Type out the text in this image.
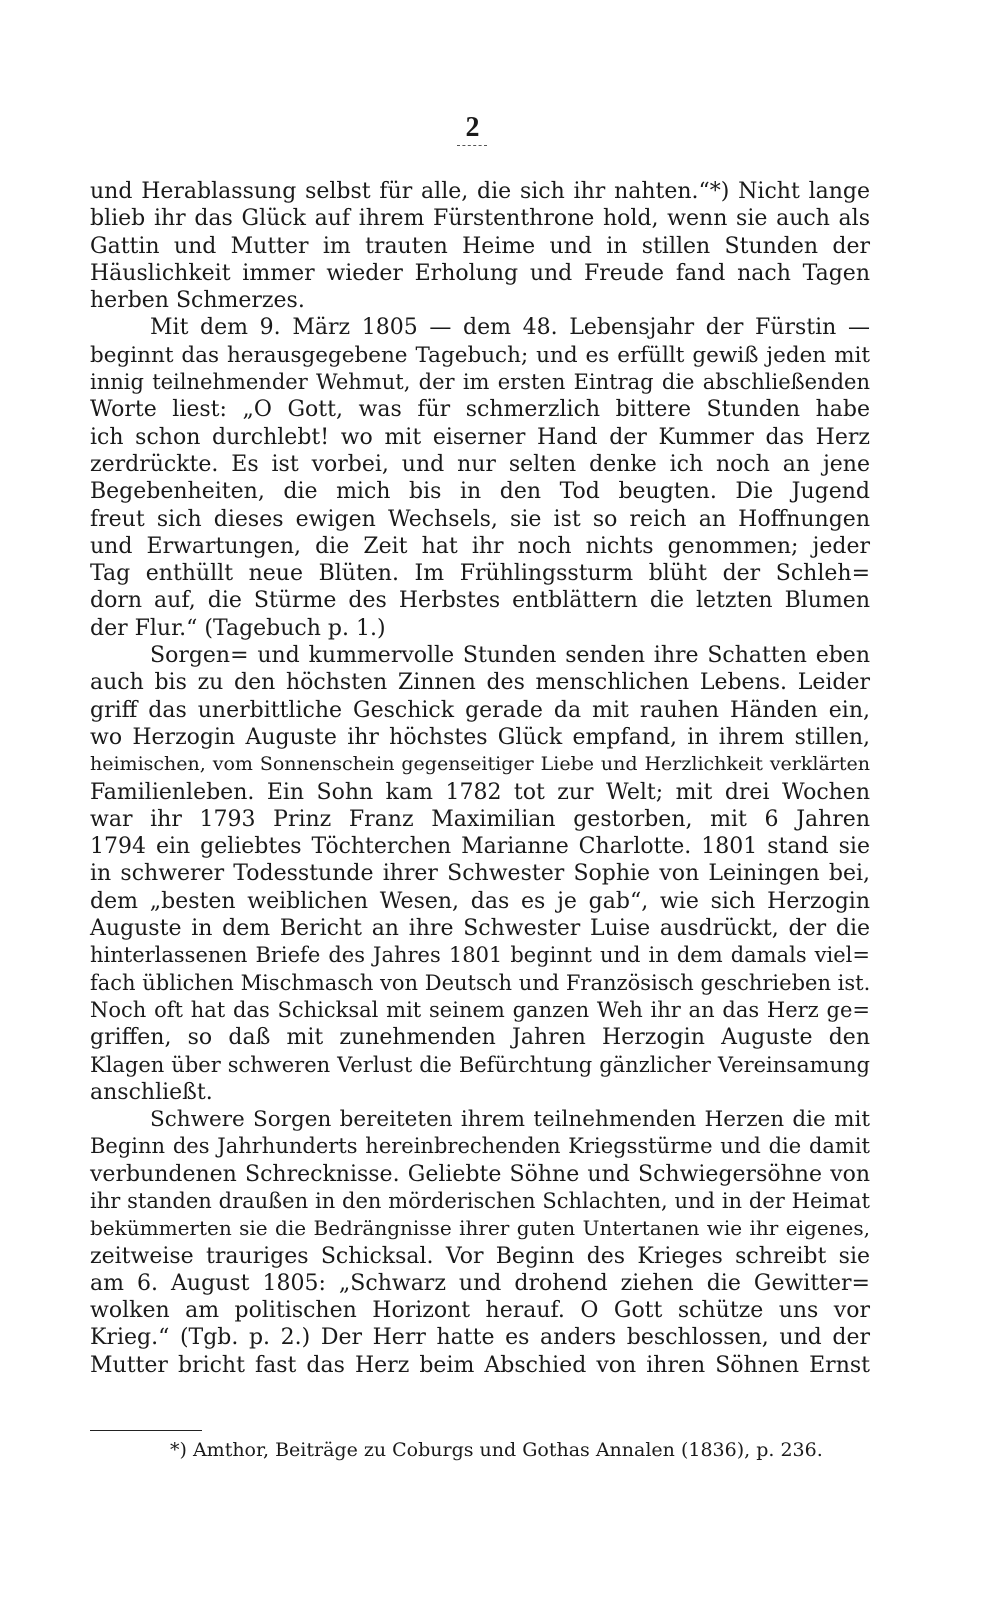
2
und Herablassung selbst für alle, die sich ihr nahten.“*) Nicht lange
blieb ihr das Glück auf ihrem Fürstenthrone hold, wenn sie auch als
Gattin und Mutter im trauten Heime und in stillen Stunden der
Häuslichkeit immer wieder Erholung und Freude fand nach Tagen
herben Schmerzes.
Mit dem 9. März 1805 — dem 48. Lebensjahr der Fürstin —
beginnt das herausgegebene Tagebuch; und es erfüllt gewiß jeden mit
innig teilnehmender Wehmut, der im ersten Eintrag die abschließenden
Worte liest: „O Gott, was für schmerzlich bittere Stunden habe
ich schon durchlebt! wo mit eiserner Hand der Kummer das Herz
zerdrückte. Es ist vorbei, und nur selten denke ich noch an jene
Begebenheiten, die mich bis in den Tod beugten. Die Jugend
freut sich dieses ewigen Wechsels, sie ist so reich an Hoffnungen
und Erwartungen, die Zeit hat ihr noch nichts genommen; jeder
Tag enthüllt neue Blüten. Im Frühlingssturm blüht der Schleh=
dorn auf, die Stürme des Herbstes entblättern die letzten Blumen
der Flur.“ (Tagebuch p. 1.)
Sorgen= und kummervolle Stunden senden ihre Schatten eben
auch bis zu den höchsten Zinnen des menschlichen Lebens. Leider
griff das unerbittliche Geschick gerade da mit rauhen Händen ein,
wo Herzogin Auguste ihr höchstes Glück empfand, in ihrem stillen,
heimischen, vom Sonnenschein gegenseitiger Liebe und Herzlichkeit verklärten
Familienleben. Ein Sohn kam 1782 tot zur Welt; mit drei Wochen
war ihr 1793 Prinz Franz Maximilian gestorben, mit 6 Jahren
1794 ein geliebtes Töchterchen Marianne Charlotte. 1801 stand sie
in schwerer Todesstunde ihrer Schwester Sophie von Leiningen bei,
dem „besten weiblichen Wesen, das es je gab“, wie sich Herzogin
Auguste in dem Bericht an ihre Schwester Luise ausdrückt, der die
hinterlassenen Briefe des Jahres 1801 beginnt und in dem damals viel=
fach üblichen Mischmasch von Deutsch und Französisch geschrieben ist.
Noch oft hat das Schicksal mit seinem ganzen Weh ihr an das Herz ge=
griffen, so daß mit zunehmenden Jahren Herzogin Auguste den
Klagen über schweren Verlust die Befürchtung gänzlicher Vereinsamung
anschließt.
Schwere Sorgen bereiteten ihrem teilnehmenden Herzen die mit
Beginn des Jahrhunderts hereinbrechenden Kriegsstürme und die damit
verbundenen Schrecknisse. Geliebte Söhne und Schwiegersöhne von
ihr standen draußen in den mörderischen Schlachten, und in der Heimat
bekümmerten sie die Bedrängnisse ihrer guten Untertanen wie ihr eigenes,
zeitweise trauriges Schicksal. Vor Beginn des Krieges schreibt sie
am 6. August 1805: „Schwarz und drohend ziehen die Gewitter=
wolken am politischen Horizont herauf. O Gott schütze uns vor
Krieg.“ (Tgb. p. 2.) Der Herr hatte es anders beschlossen, und der
Mutter bricht fast das Herz beim Abschied von ihren Söhnen Ernst
*) Amthor, Beiträge zu Coburgs und Gothas Annalen (1836), p. 236.
